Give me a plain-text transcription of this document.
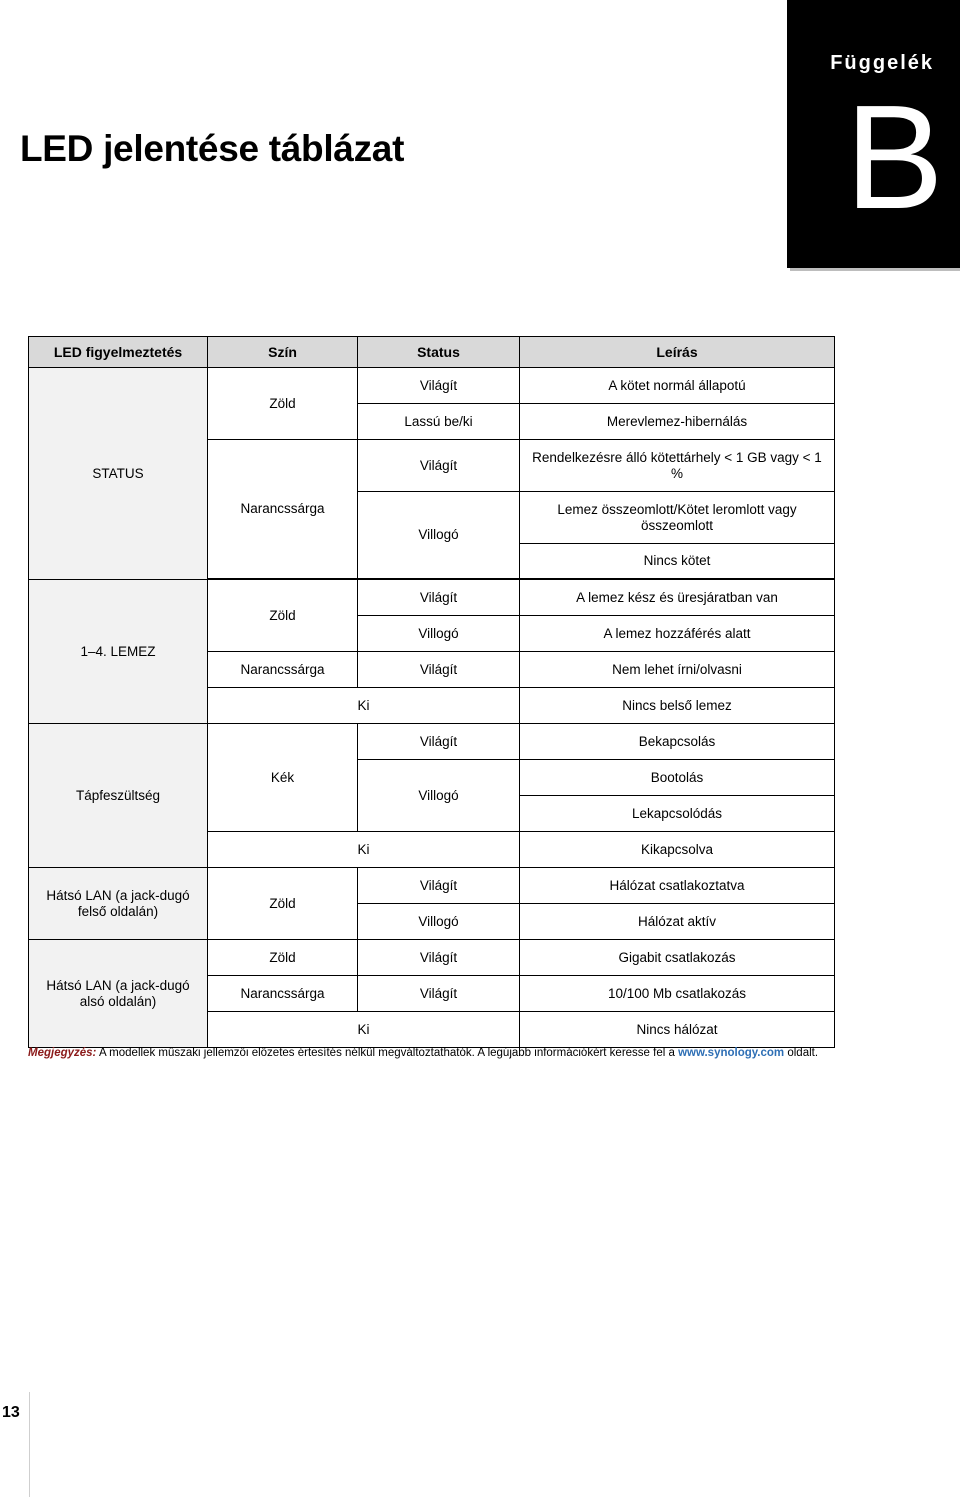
Függelék
B
LED jelentése táblázat
LED figyelmeztetés	Szín	Status	Leírás
STATUS	Zöld	Világít	A kötet normál állapotú
		Lassú be/ki	Merevlemez-hibernálás
	Narancssárga	Világít	Rendelkezésre álló kötettárhely < 1 GB vagy < 1 %
		Villogó	Lemez összeomlott/Kötet leromlott vagy összeomlott
			Nincs kötet

1–4. LEMEZ	Zöld	Világít	A lemez kész és üresjáratban van
		Villogó	A lemez hozzáférés alatt
	Narancssárga	Világít	Nem lehet írni/olvasni
	Ki		Nincs belső lemez
Tápfeszültség	Kék	Világít	Bekapcsolás
		Villogó	Bootolás
			Lekapcsolódás
	Ki		Kikapcsolva
Hátsó LAN (a jack-dugó felső oldalán)	Zöld	Világít	Hálózat csatlakoztatva
		Villogó	Hálózat aktív
Hátsó LAN (a jack-dugó alsó oldalán)	Zöld	Világít	Gigabit csatlakozás
	Narancssárga	Világít	10/100 Mb csatlakozás
	Ki		Nincs hálózat

Megjegyzés: A modellek műszaki jellemzői előzetes értesítés nélkül megváltoztathatók. A legújabb információkért keresse fel a www.synology.com oldalt.

13
